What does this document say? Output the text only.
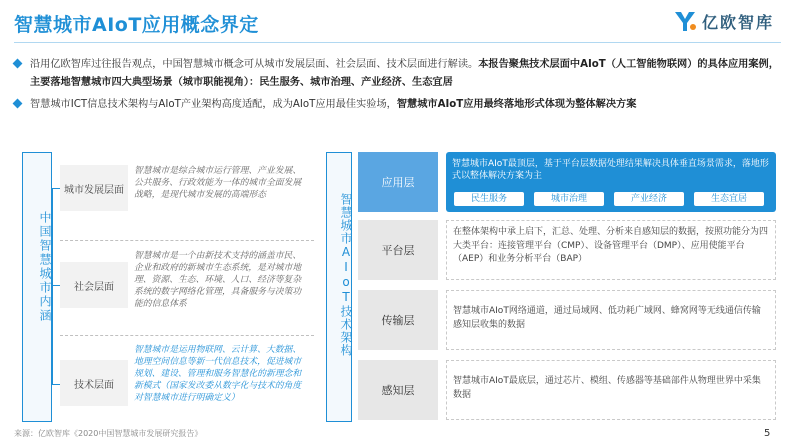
智慧城市AIoT应用概念界定	亿欧智库
沿用亿欧智库过往报告观点，中国智慧城市概念可从城市发展层面、社会层面、技术层面进行解读。本报告聚焦技术层面中AIoT（人工智能物联网）的具体应用案例，主要落地智慧城市四大典型场景（城市职能视角）：民生服务、城市治理、产业经济、生态宜居
智慧城市ICT信息技术架构与AIoT产业架构高度适配，成为AIoT应用最佳实验场，智慧城市AIoT应用最终落地形式体现为整体解决方案
中国智慧城市内涵
城市发展层面
智慧城市是综合城市运行管理、产业发展、公共服务、行政效能为一体的城市全面发展战略，是现代城市发展的高端形态
社会层面
智慧城市是一个由新技术支持的涵盖市民、企业和政府的新城市生态系统，是对城市地理、资源、生态、环境、人口、经济等复杂系统的数字网络化管理，具备服务与决策功能的信息体系
技术层面
智慧城市是运用物联网、云计算、大数据、地理空间信息等新一代信息技术，促进城市规划、建设、管理和服务智慧化的新理念和新模式（国家发改委从数字化与技术的角度对智慧城市进行明确定义）
智慧城市AIoT技术架构
应用层
智慧城市AIoT最顶层，基于平台层数据处理结果解决具体垂直场景需求，落地形式以整体解决方案为主
民生服务	城市治理	产业经济	生态宜居
平台层
在整体架构中承上启下，汇总、处理、分析来自感知层的数据，按照功能分为四大类平台：连接管理平台（CMP）、设备管理平台（DMP）、应用使能平台（AEP）和业务分析平台（BAP）
传输层
智慧城市AIoT网络通道，通过局域网、低功耗广域网、蜂窝网等无线通信传输感知层收集的数据
感知层
智慧城市AIoT最底层，通过芯片、模组、传感器等基础部件从物理世界中采集数据
来源：亿欧智库《2020中国智慧城市发展研究报告》	5
